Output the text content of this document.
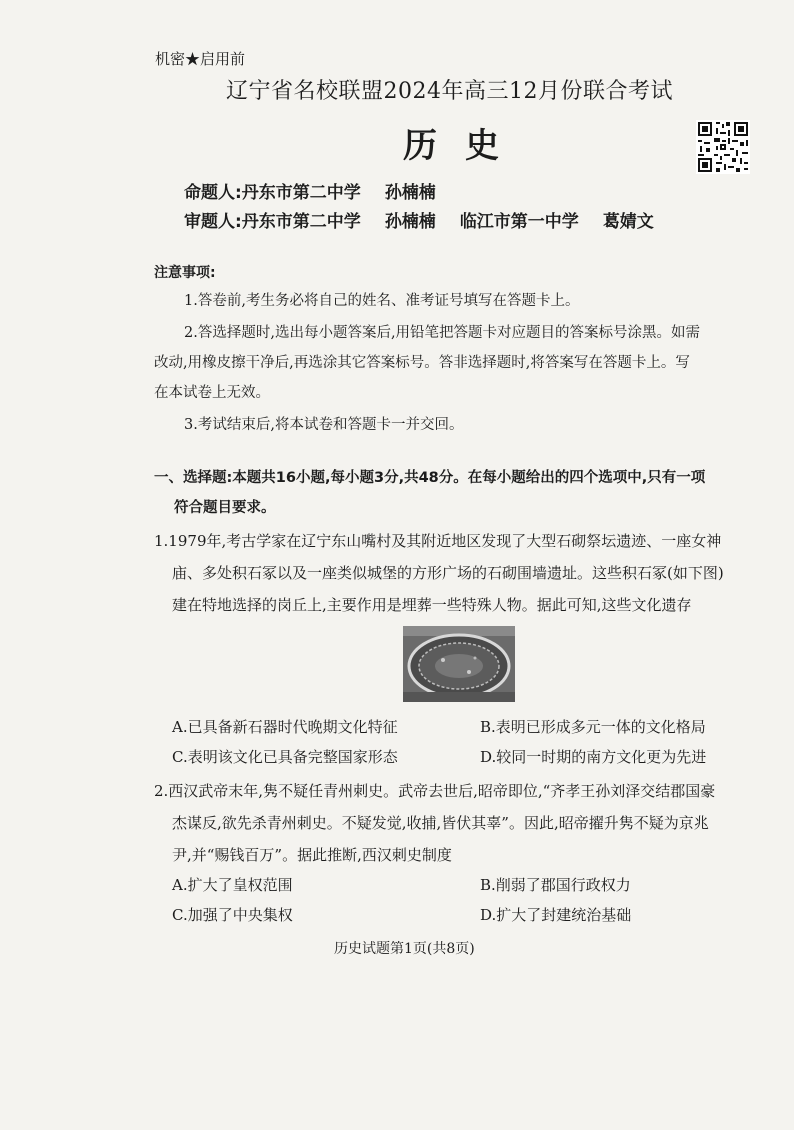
机密★启用前
辽宁省名校联盟2024年高三12月份联合考试
历史
命题人:丹东市第二中学 孙楠楠
审题人:丹东市第二中学 孙楠楠 临江市第一中学 葛婧文
注意事项:
1.答卷前,考生务必将自己的姓名、准考证号填写在答题卡上。
2.答选择题时,选出每小题答案后,用铅笔把答题卡对应题目的答案标号涂黑。如需
改动,用橡皮擦干净后,再选涂其它答案标号。答非选择题时,将答案写在答题卡上。写
在本试卷上无效。
3.考试结束后,将本试卷和答题卡一并交回。
一、选择题:本题共16小题,每小题3分,共48分。在每小题给出的四个选项中,只有一项
符合题目要求。
1.1979年,考古学家在辽宁东山嘴村及其附近地区发现了大型石砌祭坛遗迹、一座女神
庙、多处积石冢以及一座类似城堡的方形广场的石砌围墙遗址。这些积石冢(如下图)
建在特地选择的岗丘上,主要作用是埋葬一些特殊人物。据此可知,这些文化遗存
A.已具备新石器时代晚期文化特征	B.表明已形成多元一体的文化格局
C.表明该文化已具备完整国家形态	D.较同一时期的南方文化更为先进
2.西汉武帝末年,隽不疑任青州刺史。武帝去世后,昭帝即位,“齐孝王孙刘泽交结郡国豪
杰谋反,欲先杀青州刺史。不疑发觉,收捕,皆伏其辜”。因此,昭帝擢升隽不疑为京兆
尹,并“赐钱百万”。据此推断,西汉刺史制度
A.扩大了皇权范围	B.削弱了郡国行政权力
C.加强了中央集权	D.扩大了封建统治基础
历史试题第1页(共8页)
